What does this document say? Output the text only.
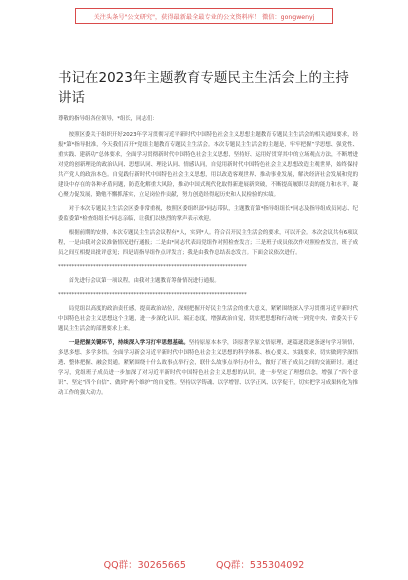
关注头条号"公文研究"，获得最新最全最专业的公文资料库！ 微信：gongwenyj
书记在2023年主题教育专题民主生活会上的主持讲话

尊敬的指导组各位领导，*组长，同志们：

按照区委关于组织开好2023年学习贯彻习近平新时代中国特色社会主义思想主题教育专题民主生活会的相关通知要求，经报*第*指导批准，今天我们召开*党组主题教育专题民主生活会。本次专题民主生活会的主题是，牢牢把握“学思想、强党性、重实践、建新功”总体要求，全面学习贯彻新时代中国特色社会主义思想，坚持好、运用好贯穿其中的立场观点方法，不断增进对党的创新理论的政治认同、思想认同、理论认同、情感认同，自觉用新时代中国特色社会主义思想改造主观世界，始终保持共产党人的政治本色。自觉践行新时代中国特色社会主义思想，用以改造客观世界、推动事业发展，解决经济社会发展和党的建设中存在的各种矛盾问题，防范化解重大风险，推动中国式现代化取得新进展新突破，不断提高履职尽责的能力和水平，凝心聚力促发展，勤勉不懈抓落实，立足岗位作贡献，努力创造经得起历史和人民检验的实绩。

对于本次专题民主生活会区委非常重视，按照区委组织部*同志带队，主题教育第*指导组组长*同志及指导组成员同志、纪委监委第*检查组组长*同志亲临，让我们以热烈的掌声表示欢迎。

根据前期的安排，本次专题民主生活会议程有*人，实到*人。符合召开民主生活会的要求，可以开会。本次会议共有6项议程，一是由我对会议准备情况进行通报；二是由*同志代表局党组作对照检查发言；三是班子成员依次作对照检查发言，班子成员之间互相提出批评意见；四是请指导组作点评发言；我是由我作总结表态发言。下面会议依次进行。

**********************************************************************

首先进行会议第一项议程，由我对主题教育筹备情况进行通报。

**********************************************************************

局党组以高度的政治责任感，提高政治站位，深刻把握开好民主生活会的重大意义，紧紧围绕深入学习贯彻习近平新时代中国特色社会主义思想这个主题，进一步深化认识、端正态度，增强政治自觉，切实把思想和行动统一到党中央、省委关于专题民主生活会的部署要求上来。

一是把握关键环节，持续深入学习打牢思想基础。坚持原原本本学，读原著学原文悟原理，逐篇逐段逐条逐句学习领悟，多思多想、多学多悟。全面学习新会习近平新时代中国特色社会主义思想的科学体系、核心要义、实践要求，切实做到学深悟透、整体把握、融会贯通。紧紧围绕十什么故事点举行会，联什么故事点举行办什么，做好了班子成员之间的交流研讨。通过学习，党组班子成员进一步加深了对习近平新时代中国特色社会主义思想的认识，进一步坚定了理想信念，增强了“四个意识”、坚定“四个自信”、做到“两个维护”的自觉性。坚持以学铸魂、以学增智、以学正风、以学促干，切实把学习成果转化为推动工作的强大动力。

QQ群：30265665	QQ群：535304092
